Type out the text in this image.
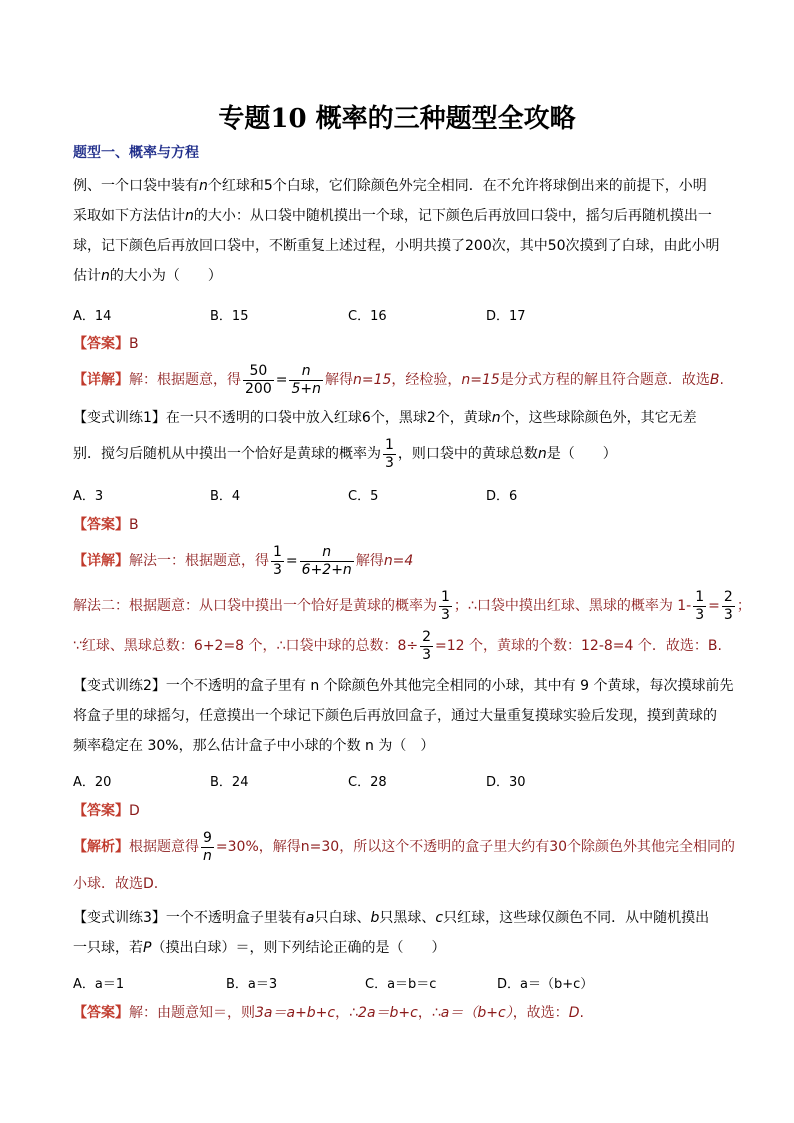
专题10 概率的三种题型全攻略
题型一、概率与方程
例、一个口袋中装有n个红球和5个白球，它们除颜色外完全相同．在不允许将球倒出来的前提下，小明
采取如下方法估计n的大小：从口袋中随机摸出一个球，记下颜色后再放回口袋中，摇匀后再随机摸出一
球，记下颜色后再放回口袋中，不断重复上述过程，小明共摸了200次，其中50次摸到了白球，由此小明
估计n的大小为（　　）
A．14	B．15	C．16	D．17
【答案】B
【详解】 解：根据题意，得 $\frac{50}{200} = \frac{n}{5+n}$ 解得 n=15 ，经检验， n=15 是分式方程的解且符合题意．故选 B .
【变式训练1】在一只不透明的口袋中放入红球6个，黑球2个，黄球n个，这些球除颜色外，其它无差
别．搅匀后随机从中摸出一个恰好是黄球的概率为 $\frac{1}{3}$ ，则口袋中的黄球总数 n 是（　　）
A．3	B．4	C．5	D．6
【答案】B
【详解】 解法一：根据题意，得 $\frac{1}{3} = \frac{n}{6+2+n}$ 解得 n=4
解法二：根据题意：从口袋中摸出一个恰好是黄球的概率为 $\frac{1}{3}$ ；∴口袋中摸出红球、黑球的概率为 $1- \frac{1}{3} = \frac{2}{3}$ ；
∵红球、黑球总数：6+2=8 个，∴口袋中球的总数：$8\div \frac{2}{3} =12$ 个，黄球的个数：12-8=4 个．故选：B.
【变式训练2】一个不透明的盒子里有 n 个除颜色外其他完全相同的小球，其中有 9 个黄球，每次摸球前先
将盒子里的球摇匀，任意摸出一个球记下颜色后再放回盒子，通过大量重复摸球实验后发现，摸到黄球的
频率稳定在 30%，那么估计盒子中小球的个数 n 为（　）
A．20	B．24	C．28	D．30
【答案】D
【解析】 根据题意得 $\frac{9}{n} =30\%$，解得 n=30 ，所以这个不透明的盒子里大约有 30 个除颜色外其他完全相同的
小球．故选D.
【变式训练3】一个不透明盒子里装有a只白球、b只黑球、c只红球，这些球仅颜色不同．从中随机摸出
一只球，若P（摸出白球）＝，则下列结论正确的是（　　）
A．a＝1	B．a＝3	C．a＝b＝c	D．a＝（b+c）
【答案】解：由题意知＝，则3a＝a+b+c，∴2a＝b+c，∴a＝（b+c），故选：D.
